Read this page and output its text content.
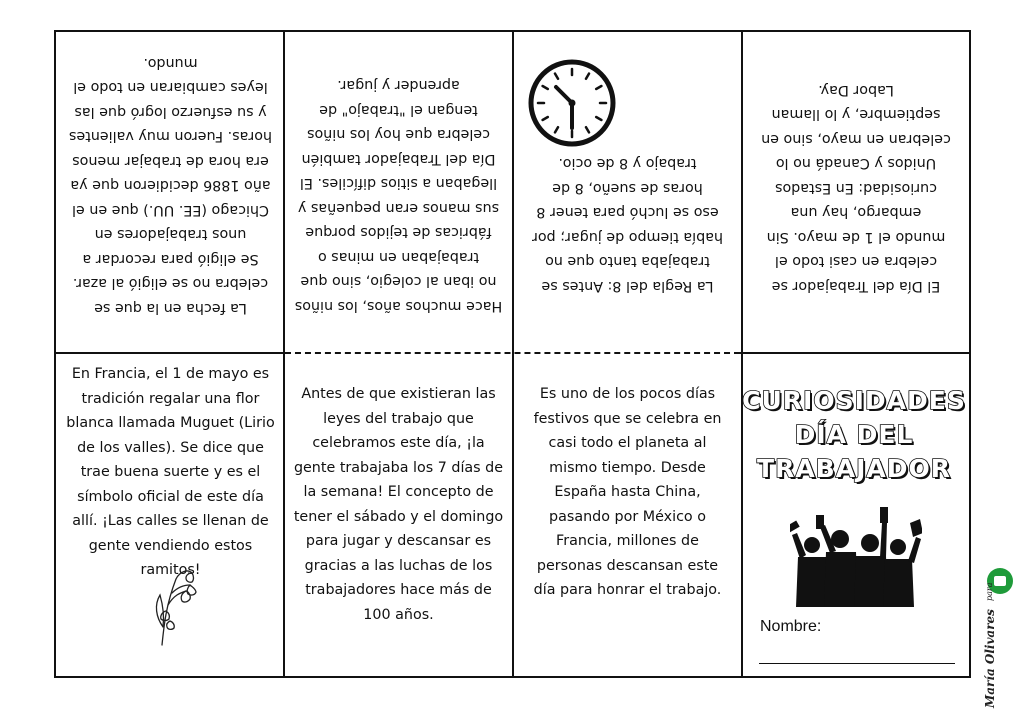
La fecha en la que se celebra no se eligió al azar. Se eligió para recordar a unos trabajadores en Chicago (EE. UU.) que en el año 1886 decidieron que ya era hora de trabajar menos horas. Fueron muy valientes y su esfuerzo logró que las leyes cambiaran en todo el mundo.

Hace muchos años, los niños no iban al colegio, sino que trabajaban en minas o fábricas de tejidos porque sus manos eran pequeñas y llegaban a sitios difíciles. El Día del Trabajador también celebra que hoy los niños tengan el "trabajo" de aprender y jugar.

La Regla del 8: Antes se trabajaba tanto que no había tiempo de jugar; por eso se luchó para tener 8 horas de sueño, 8 de trabajo y 8 de ocio.

El Día del Trabajador se celebra en casi todo el mundo el 1 de mayo. Sin embargo, hay una curiosidad: En Estados Unidos y Canadá no lo celebran en mayo, sino en septiembre, y lo llaman Labor Day.

En Francia, el 1 de mayo es tradición regalar una flor blanca llamada Muguet (Lirio de los valles). Se dice que trae buena suerte y es el símbolo oficial de este día allí. ¡Las calles se llenan de gente vendiendo estos ramitos!

Antes de que existieran las leyes del trabajo que celebramos este día, ¡la gente trabajaba los 7 días de la semana! El concepto de tener el sábado y el domingo para jugar y descansar es gracias a las luchas de los trabajadores hace más de 100 años.

Es uno de los pocos días festivos que se celebra en casi todo el planeta al mismo tiempo. Desde España hasta China, pasando por México o Francia, millones de personas descansan este día para honrar el trabajo.

CURIOSIDADES
DÍA DEL
TRABAJADOR
Nombre:	María Olivares para
